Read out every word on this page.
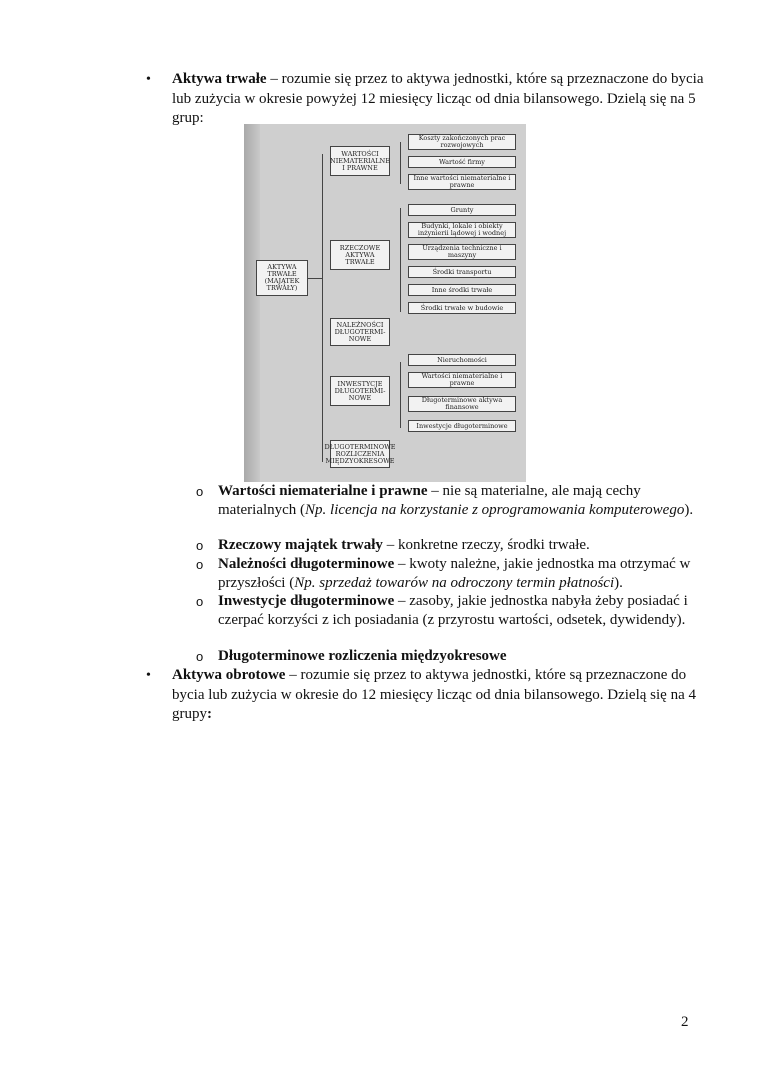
• Aktywa trwałe – rozumie się przez to aktywa jednostki, które są przeznaczone do bycia lub zużycia w okresie powyżej 12 miesięcy licząc od dnia bilansowego. Dzielą się na 5 grup:
AKTYWA TRWAŁE (MAJĄTEK TRWAŁY)
WARTOŚCI NIEMATERIALNE I PRAWNE
RZECZOWE AKTYWA TRWAŁE
NALEŻNOŚCI DŁUGOTERMI-NOWE
INWESTYCJE DŁUGOTERMI-NOWE
DŁUGOTERMINOWE ROZLICZENIA MIĘDZYOKRESOWE
Koszty zakończonych prac rozwojowych
Wartość firmy
Inne wartości niematerialne i prawne
Grunty
Budynki, lokale i obiekty inżynierii lądowej i wodnej
Urządzenia techniczne i maszyny
Środki transportu
Inne środki trwałe
Środki trwałe w budowie
Nieruchomości
Wartości niematerialne i prawne
Długoterminowe aktywa finansowe
Inwestycje długoterminowe
o Wartości niematerialne i prawne – nie są materialne, ale mają cechy materialnych (Np. licencja na korzystanie z oprogramowania komputerowego).
o Rzeczowy majątek trwały – konkretne rzeczy, środki trwałe.
o Należności długoterminowe – kwoty należne, jakie jednostka ma otrzymać w przyszłości (Np. sprzedaż towarów na odroczony termin płatności).
o Inwestycje długoterminowe – zasoby, jakie jednostka nabyła żeby posiadać i czerpać korzyści z ich posiadania (z przyrostu wartości, odsetek, dywidendy).
o Długoterminowe rozliczenia międzyokresowe
• Aktywa obrotowe – rozumie się przez to aktywa jednostki, które są przeznaczone do bycia lub zużycia w okresie do 12 miesięcy licząc od dnia bilansowego. Dzielą się na 4 grupy:
2
